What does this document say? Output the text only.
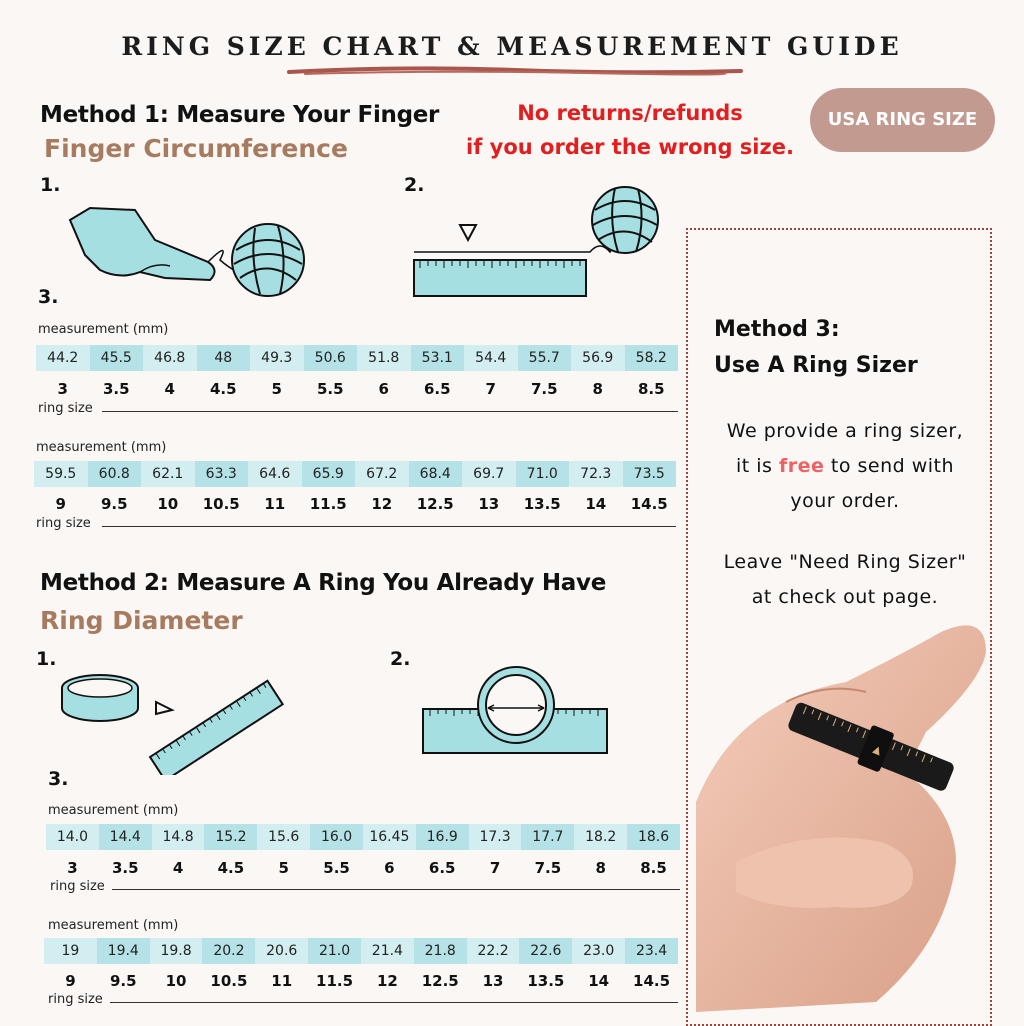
RING SIZE CHART & MEASUREMENT GUIDE
Method 1: Measure Your Finger
Finger Circumference
No returns/refunds
if you order the wrong size.
USA RING SIZE
1.	2.
3.
measurement (mm)
44.2	45.5	46.8	48	49.3	50.6	51.8	53.1	54.4	55.7	56.9	58.2
3	3.5	4	4.5	5	5.5	6	6.5	7	7.5	8	8.5
ring size
measurement (mm)
59.5	60.8	62.1	63.3	64.6	65.9	67.2	68.4	69.7	71.0	72.3	73.5
9	9.5	10	10.5	11	11.5	12	12.5	13	13.5	14	14.5
ring size
Method 2: Measure A Ring You Already Have
Ring Diameter
1.	2.
3.
measurement (mm)
14.0	14.4	14.8	15.2	15.6	16.0	16.45	16.9	17.3	17.7	18.2	18.6
3	3.5	4	4.5	5	5.5	6	6.5	7	7.5	8	8.5
ring size
measurement (mm)
19	19.4	19.8	20.2	20.6	21.0	21.4	21.8	22.2	22.6	23.0	23.4
9	9.5	10	10.5	11	11.5	12	12.5	13	13.5	14	14.5
ring size
Method 3:
Use A Ring Sizer
We provide a ring sizer,
it is free to send with
your order.
Leave "Need Ring Sizer"
at check out page.
